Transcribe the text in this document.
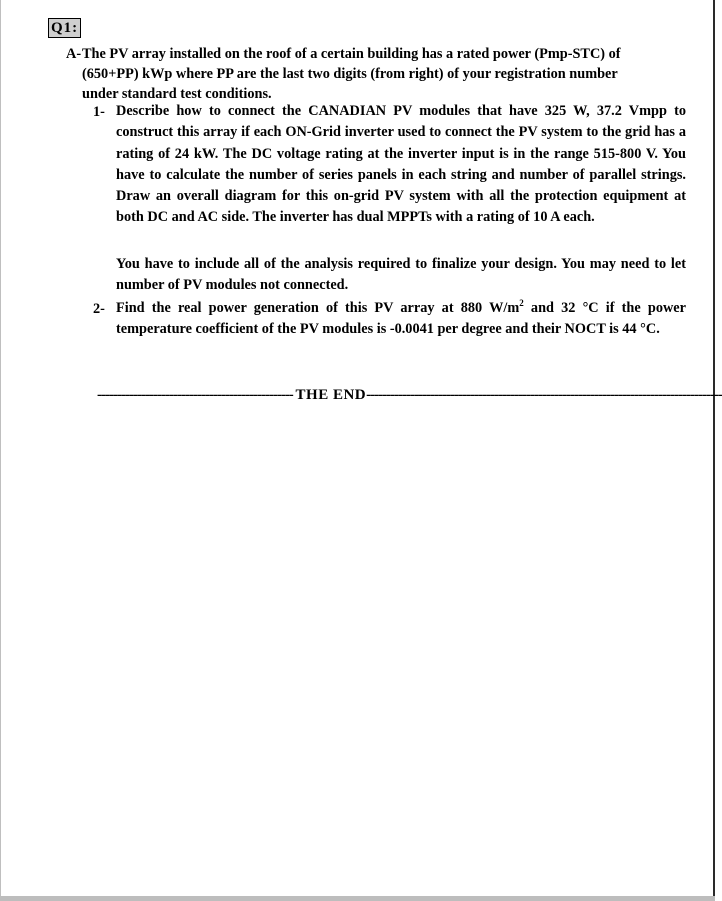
Q1:
A- The PV array installed on the roof of a certain building has a rated power (Pmp-STC) of
(650+PP) kWp where PP are the last two digits (from right) of your registration number
under standard test conditions.
1- Describe how to connect the CANADIAN PV modules that have 325 W, 37.2 Vmpp to construct this array if each ON-Grid inverter used to connect the PV system to the grid has a rating of 24 kW. The DC voltage rating at the inverter input is in the range 515-800 V. You have to calculate the number of series panels in each string and number of parallel strings. Draw an overall diagram for this on-grid PV system with all the protection equipment at both DC and AC side. The inverter has dual MPPTs with a rating of 10 A each.
You have to include all of the analysis required to finalize your design. You may need to let number of PV modules not connected.
2- Find the real power generation of this PV array at 880 $W/m^2$ and 32 °C if the power temperature coefficient of the PV modules is -0.0041 per degree and their NOCT is 44 °C.
------------------------------------------------- THE END-----------------------------------------------------------------------------------------
